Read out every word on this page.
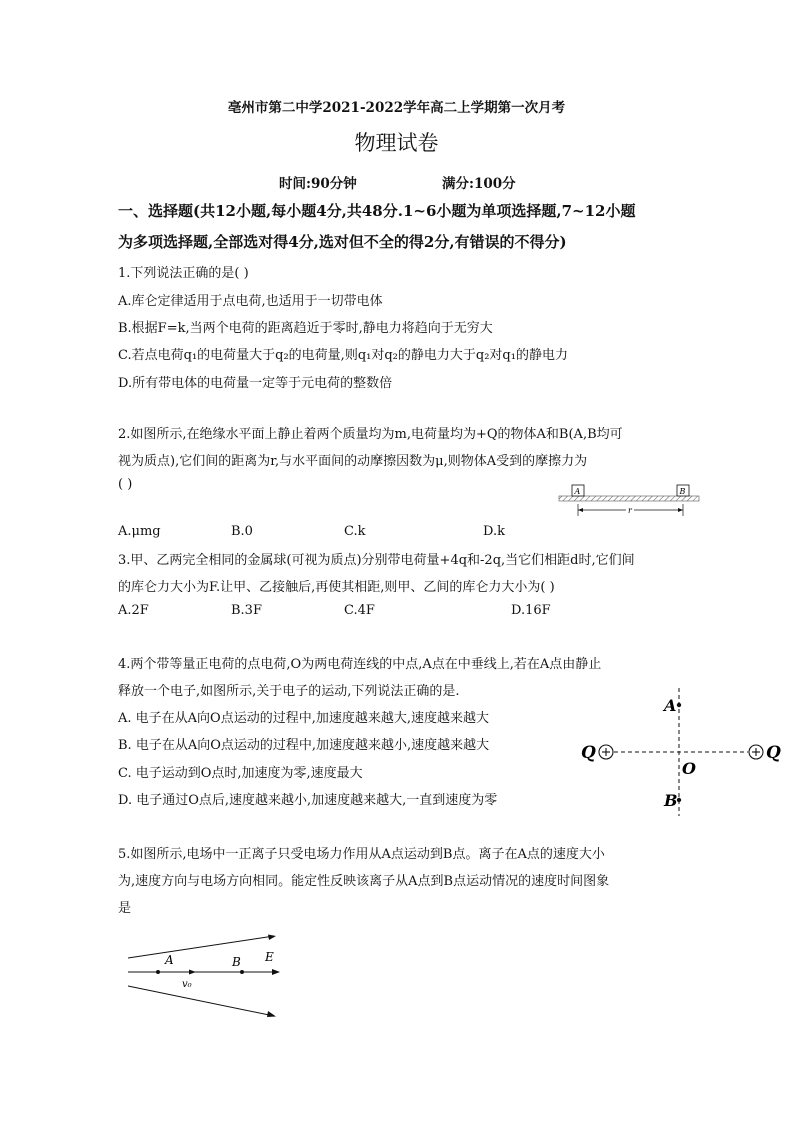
亳州市第二中学2021-2022学年高二上学期第一次月考
物理试卷
时间:90分钟	满分:100分
一、选择题(共12小题,每小题4分,共48分.1~6小题为单项选择题,7~12小题
为多项选择题,全部选对得4分,选对但不全的得2分,有错误的不得分)
1.下列说法正确的是( )
A.库仑定律适用于点电荷,也适用于一切带电体
B.根据F=k,当两个电荷的距离趋近于零时,静电力将趋向于无穷大
C.若点电荷q₁的电荷量大于q₂的电荷量,则q₁对q₂的静电力大于q₂对q₁的静电力
D.所有带电体的电荷量一定等于元电荷的整数倍
2.如图所示,在绝缘水平面上静止着两个质量均为m,电荷量均为+Q的物体A和B(A,B均可
视为质点),它们间的距离为r,与水平面间的动摩擦因数为μ,则物体A受到的摩擦力为
( )	A	B
r
A.μmg	B.0	C.k	D.k
3.甲、乙两完全相同的金属球(可视为质点)分别带电荷量+4q和-2q,当它们相距d时,它们间
的库仑力大小为F.让甲、乙接触后,再使其相距,则甲、乙间的库仑力大小为( )
A.2F	B.3F	C.4F	D.16F
4.两个带等量正电荷的点电荷,O为两电荷连线的中点,A点在中垂线上,若在A点由静止
释放一个电子,如图所示,关于电子的运动,下列说法正确的是.
A. 电子在从A向O点运动的过程中,加速度越来越大,速度越来越大
B. 电子在从A向O点运动的过程中,加速度越来越小,速度越来越大
C. 电子运动到O点时,加速度为零,速度最大
D. 电子通过O点后,速度越来越小,加速度越来越大,一直到速度为零
Q	Q
A
B
O
5.如图所示,电场中一正离子只受电场力作用从A点运动到B点。离子在A点的速度大小
为,速度方向与电场方向相同。能定性反映该离子从A点到B点运动情况的速度时间图象
是
A	B E
v₀
